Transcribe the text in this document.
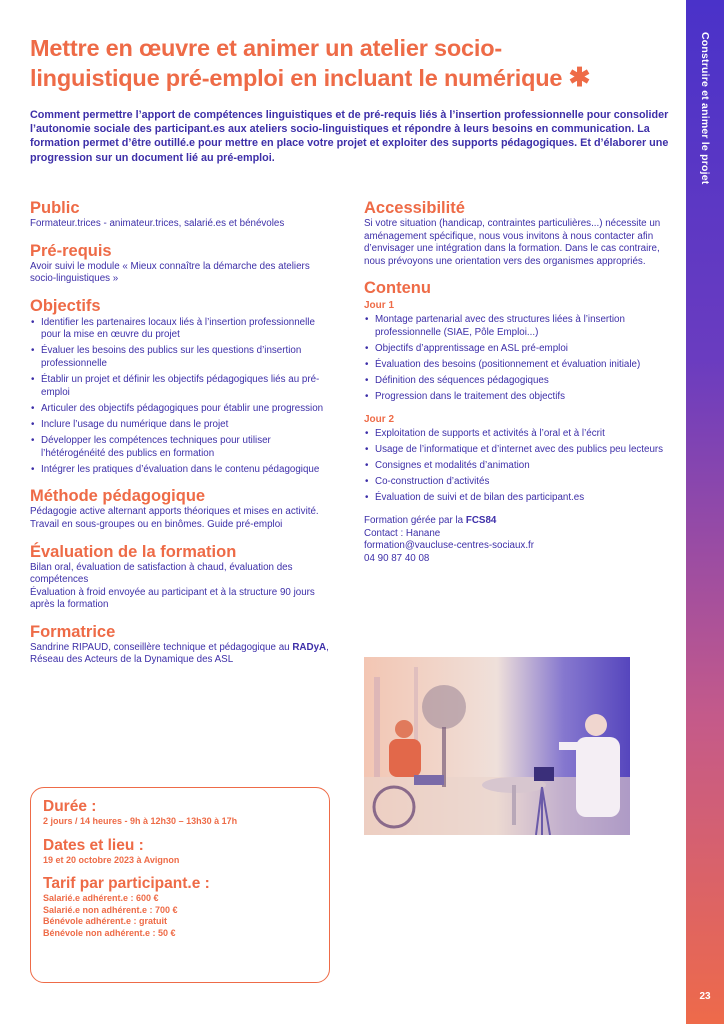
Construire et animer le projet
23
Mettre en œuvre et animer un atelier socio-
linguistique pré-emploi en incluant le numérique ✱

Comment permettre l’apport de compétences linguistiques et de pré-requis liés à l’insertion professionnelle pour consolider l’autonomie sociale des participant.es aux ateliers socio-linguistiques et répondre à leurs besoins en communication. La formation permet d’être outillé.e pour mettre en place votre projet et exploiter des supports pédagogiques. Et d’élaborer une progression sur un document lié au pré-emploi.

Public

Formateur.trices - animateur.trices, salarié.es et bénévoles

Pré-requis

Avoir suivi le module « Mieux connaître la démarche des ateliers socio-linguistiques »

Objectifs
• Identifier les partenaires locaux liés à l’insertion professionnelle pour la mise en œuvre du projet
• Évaluer les besoins des publics sur les questions d’insertion professionnelle
• Établir un projet et définir les objectifs pédagogiques liés au pré-emploi
• Articuler des objectifs pédagogiques pour établir une progression
• Inclure l’usage du numérique dans le projet
• Développer les compétences techniques pour utiliser l’hétérogénéité des publics en formation
• Intégrer les pratiques d’évaluation dans le contenu pédagogique
Méthode pédagogique

Pédagogie active alternant apports théoriques et mises en activité. Travail en sous-groupes ou en binômes. Guide pré-emploi

Évaluation de la formation

Bilan oral, évaluation de satisfaction à chaud, évaluation des compétences

Évaluation à froid envoyée au participant et à la structure 90 jours après la formation

Formatrice

Sandrine RIPAUD, conseillère technique et pédagogique au RADyA, Réseau des Acteurs de la Dynamique des ASL

Durée :

2 jours / 14 heures - 9h à 12h30 – 13h30 à 17h

Dates et lieu :

19 et 20 octobre 2023 à Avignon

Tarif par participant.e :

Salarié.e adhérent.e : 600 €

Salarié.e non adhérent.e : 700 €

Bénévole adhérent.e : gratuit

Bénévole non adhérent.e : 50 €

Accessibilité

Si votre situation (handicap, contraintes particulières...) nécessite un aménagement spécifique, nous vous invitons à nous contacter afin d’envisager une intégration dans la formation. Dans le cas contraire, nous prévoyons une orientation vers des organismes appropriés.

Contenu

Jour 1

• Montage partenarial avec des structures liées à l’insertion professionnelle (SIAE, Pôle Emploi...)
• Objectifs d’apprentissage en ASL pré-emploi
• Évaluation des besoins (positionnement et évaluation initiale)
• Définition des séquences pédagogiques
• Progression dans le traitement des objectifs

Jour 2

• Exploitation de supports et activités à l’oral et à l’écrit
• Usage de l’informatique et d’internet avec des publics peu lecteurs
• Consignes et modalités d’animation
• Co-construction d’activités
• Évaluation de suivi et de bilan des participant.es

Formation gérée par la FCS84

Contact : Hanane

formation@vaucluse-centres-sociaux.fr

04 90 87 40 08
